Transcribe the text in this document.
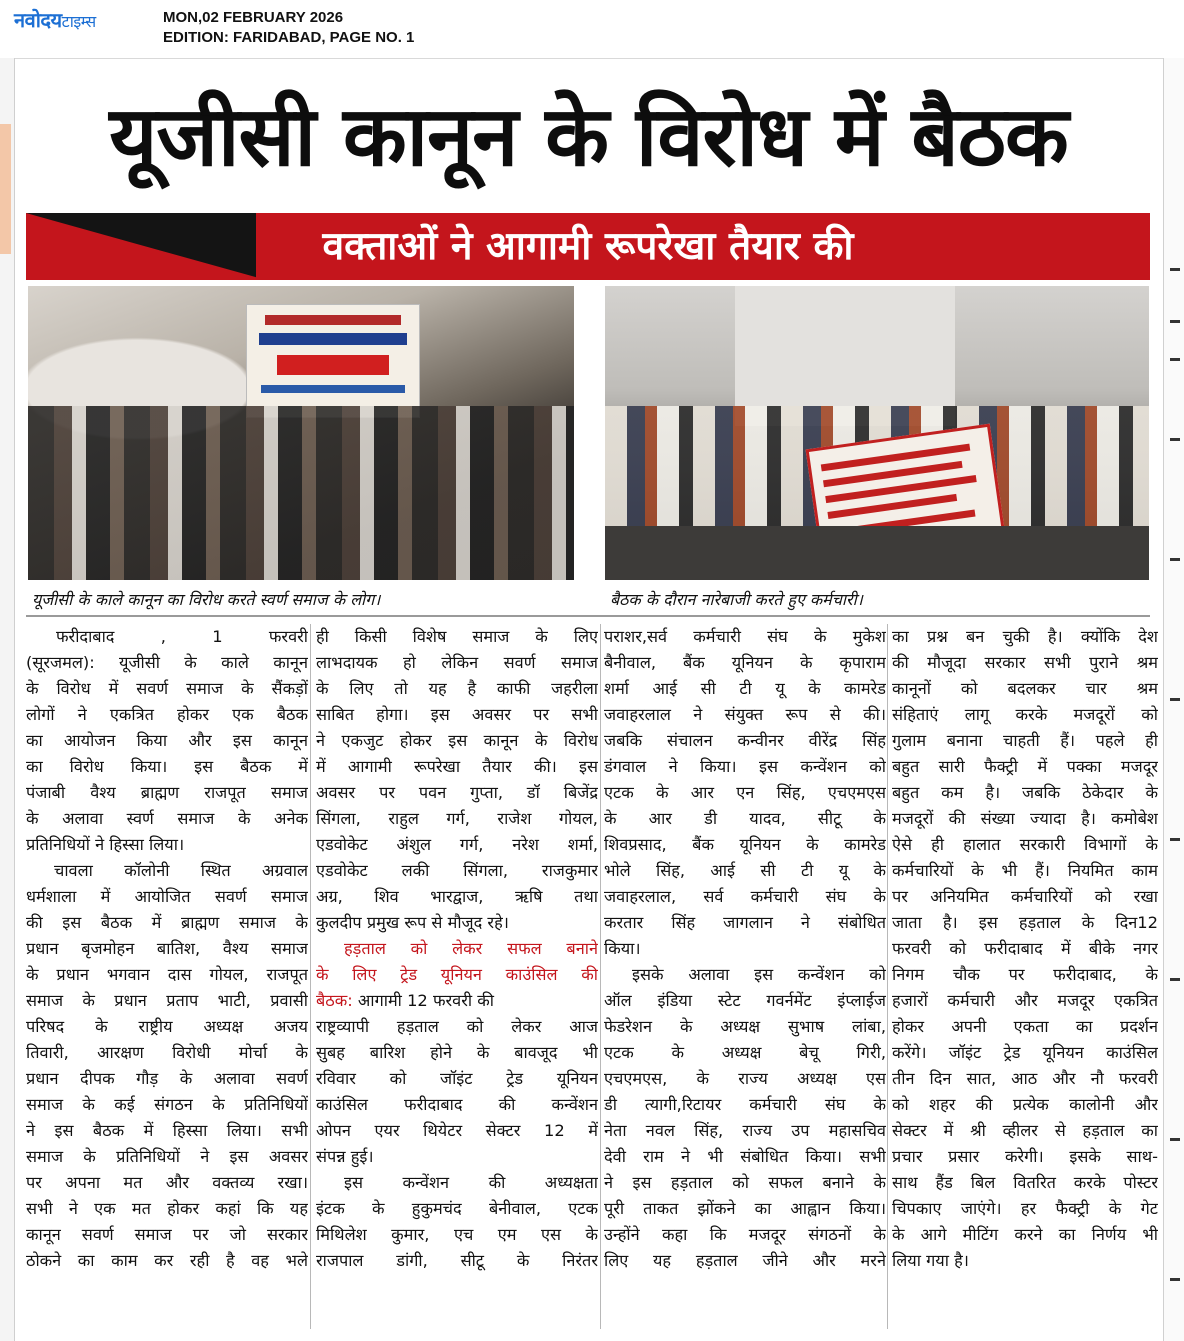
नवोदयटाइम्स	MON,02 FEBRUARY 2026
EDITION: FARIDABAD, PAGE NO. 1
यूजीसी कानून के विरोध में बैठक
वक्ताओं ने आगामी रूपरेखा तैयार की
यूजीसी के काले कानून का विरोध करते स्वर्ण समाज के लोग।	बैठक के दौरान नारेबाजी करते हुए कर्मचारी।
फरीदाबाद , 1 फरवरी
(सूरजमल): यूजीसी के काले कानून
के विरोध में सवर्ण समाज के सैंकड़ों
लोगों ने एकत्रित होकर एक बैठक
का आयोजन किया और इस कानून
का विरोध किया। इस बैठक में
पंजाबी वैश्य ब्राह्मण राजपूत समाज
के अलावा स्वर्ण समाज के अनेक
प्रतिनिधियों ने हिस्सा लिया।
चावला कॉलोनी स्थित अग्रवाल
धर्मशाला में आयोजित सवर्ण समाज
की इस बैठक में ब्राह्मण समाज के
प्रधान बृजमोहन बातिश, वैश्य समाज
के प्रधान भगवान दास गोयल, राजपूत
समाज के प्रधान प्रताप भाटी, प्रवासी
परिषद के राष्ट्रीय अध्यक्ष अजय
तिवारी, आरक्षण विरोधी मोर्चा के
प्रधान दीपक गौड़ के अलावा सवर्ण
समाज के कई संगठन के प्रतिनिधियों
ने इस बैठक में हिस्सा लिया। सभी
समाज के प्रतिनिधियों ने इस अवसर
पर अपना मत और वक्तव्य रखा।
सभी ने एक मत होकर कहां कि यह
कानून सवर्ण समाज पर जो सरकार
ठोकने का काम कर रही है वह भले
ही किसी विशेष समाज के लिए
लाभदायक हो लेकिन सवर्ण समाज
के लिए तो यह है काफी जहरीला
साबित होगा। इस अवसर पर सभी
ने एकजुट होकर इस कानून के विरोध
में आगामी रूपरेखा तैयार की। इस
अवसर पर पवन गुप्ता, डॉ बिजेंद्र
सिंगला, राहुल गर्ग, राजेश गोयल,
एडवोकेट अंशुल गर्ग, नरेश शर्मा,
एडवोकेट लकी सिंगला, राजकुमार
अग्र, शिव भारद्वाज, ऋषि तथा
कुलदीप प्रमुख रूप से मौजूद रहे।
हड़ताल को लेकर सफल बनाने
के लिए ट्रेड यूनियन काउंसिल की
बैठक: आगामी 12 फरवरी की
राष्ट्रव्यापी हड़ताल को लेकर आज
सुबह बारिश होने के बावजूद भी
रविवार को जॉइंट ट्रेड यूनियन
काउंसिल फरीदाबाद की कन्वेंशन
ओपन एयर थियेटर सेक्टर 12 में
संपन्न हुई।
इस कन्वेंशन की अध्यक्षता
इंटक के हुकुमचंद बेनीवाल, एटक
मिथिलेश कुमार, एच एम एस के
राजपाल डांगी, सीटू के निरंतर
पराशर,सर्व कर्मचारी संघ के मुकेश
बैनीवाल, बैंक यूनियन के कृपाराम
शर्मा आई सी टी यू के कामरेड
जवाहरलाल ने संयुक्त रूप से की।
जबकि संचालन कन्वीनर वीरेंद्र सिंह
डंगवाल ने किया। इस कन्वेंशन को
एटक के आर एन सिंह, एचएमएस
के आर डी यादव, सीटू के
शिवप्रसाद, बैंक यूनियन के कामरेड
भोले सिंह, आई सी टी यू के
जवाहरलाल, सर्व कर्मचारी संघ के
करतार सिंह जागलान ने संबोधित
किया।
इसके अलावा इस कन्वेंशन को
ऑल इंडिया स्टेट गवर्नमेंट इंप्लाईज
फेडरेशन के अध्यक्ष सुभाष लांबा,
एटक के अध्यक्ष बेचू गिरी,
एचएमएस, के राज्य अध्यक्ष एस
डी त्यागी,रिटायर कर्मचारी संघ के
नेता नवल सिंह, राज्य उप महासचिव
देवी राम ने भी संबोधित किया। सभी
ने इस हड़ताल को सफल बनाने के
पूरी ताकत झोंकने का आह्वान किया।
उन्होंने कहा कि मजदूर संगठनों के
लिए यह हड़ताल जीने और मरने
का प्रश्न बन चुकी है। क्योंकि देश
की मौजूदा सरकार सभी पुराने श्रम
कानूनों को बदलकर चार श्रम
संहिताएं लागू करके मजदूरों को
गुलाम बनाना चाहती हैं। पहले ही
बहुत सारी फैक्ट्री में पक्का मजदूर
बहुत कम है। जबकि ठेकेदार के
मजदूरों की संख्या ज्यादा है। कमोबेश
ऐसे ही हालात सरकारी विभागों के
कर्मचारियों के भी हैं। नियमित काम
पर अनियमित कर्मचारियों को रखा
जाता है। इस हड़ताल के दिन12
फरवरी को फरीदाबाद में बीके नगर
निगम चौक पर फरीदाबाद, के
हजारों कर्मचारी और मजदूर एकत्रित
होकर अपनी एकता का प्रदर्शन
करेंगे। जॉइंट ट्रेड यूनियन काउंसिल
तीन दिन सात, आठ और नौ फरवरी
को शहर की प्रत्येक कालोनी और
सेक्टर में श्री व्हीलर से हड़ताल का
प्रचार प्रसार करेगी। इसके साथ-
साथ हैंड बिल वितरित करके पोस्टर
चिपकाए जाएंगे। हर फैक्ट्री के गेट
के आगे मीटिंग करने का निर्णय भी
लिया गया है।
